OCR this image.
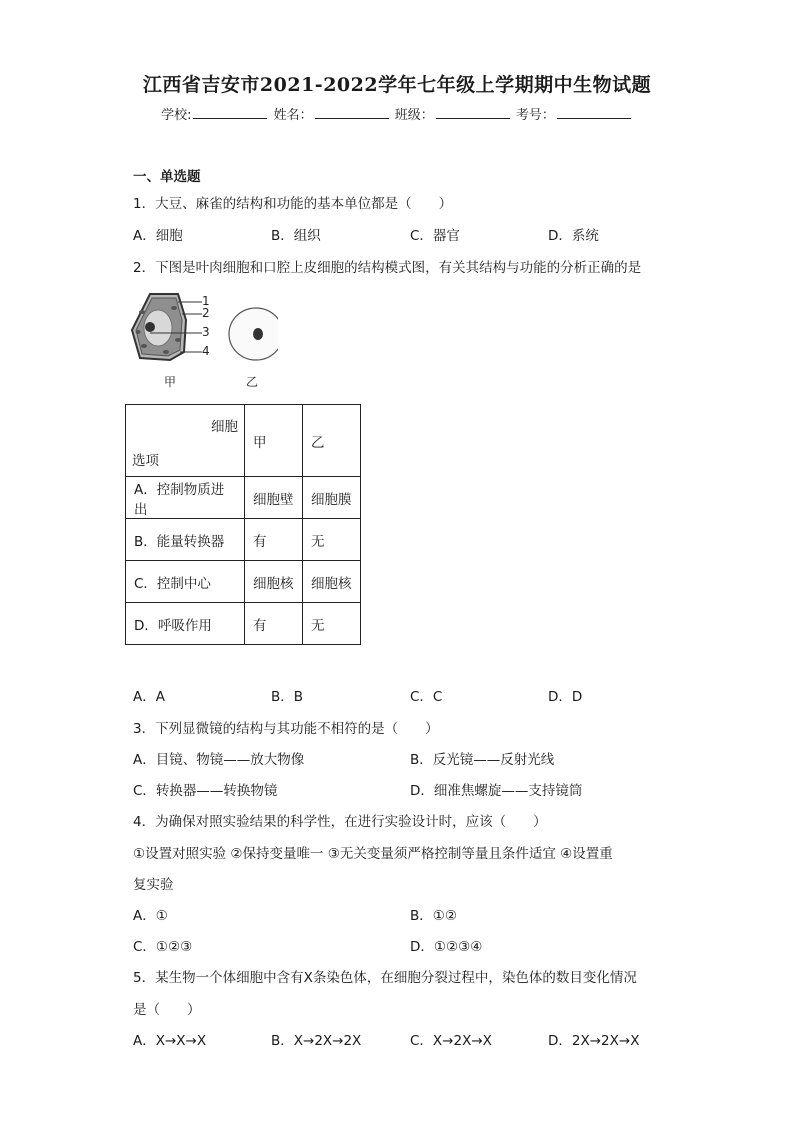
江西省吉安市2021-2022学年七年级上学期期中生物试题
学校:	姓名：	班级：	考号：
一、单选题
1．大豆、麻雀的结构和功能的基本单位都是（　　）
A．细胞	B．组织	C．器官	D．系统
2．下图是叶肉细胞和口腔上皮细胞的结构模式图，有关其结构与功能的分析正确的是
1
2
3
4
甲	乙
细胞
选项	甲	乙
A．控制物质进出	细胞壁	细胞膜
B．能量转换器	有	无
C．控制中心	细胞核	细胞核
D．呼吸作用	有	无
A．A	B．B	C．C	D．D
3．下列显微镜的结构与其功能不相符的是（　　）
A．目镜、物镜——放大物像	B．反光镜——反射光线
C．转换器——转换物镜	D．细准焦螺旋——支持镜筒
4．为确保对照实验结果的科学性，在进行实验设计时，应该（　　）
①设置对照实验 ②保持变量唯一 ③无关变量须严格控制等量且条件适宜 ④设置重
复实验
A．①	B．①②
C．①②③	D．①②③④
5．某生物一个体细胞中含有X条染色体，在细胞分裂过程中，染色体的数目变化情况
是（　　）
A．X→X→X	B．X→2X→2X	C．X→2X→X	D．2X→2X→X
